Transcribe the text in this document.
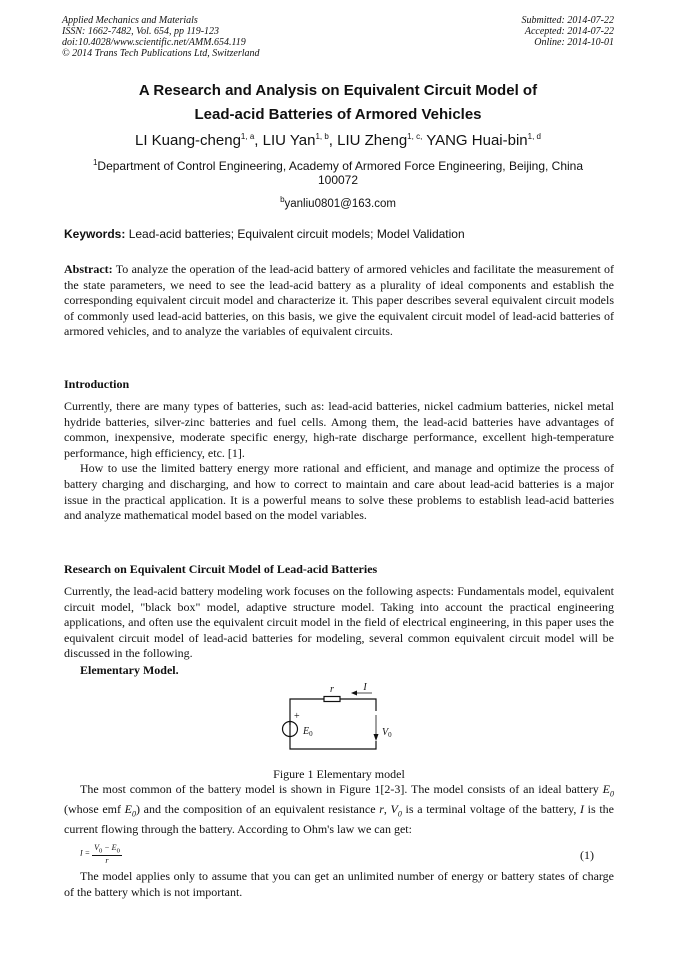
Applied Mechanics and Materials
ISSN: 1662-7482, Vol. 654, pp 119-123
doi:10.4028/www.scientific.net/AMM.654.119
© 2014 Trans Tech Publications Ltd, Switzerland
Submitted: 2014-07-22
Accepted: 2014-07-22
Online: 2014-10-01
A Research and Analysis on Equivalent Circuit Model of
Lead-acid Batteries of Armored Vehicles
LI Kuang-cheng$^{1, a}$, LIU Yan$^{1, b}$, LIU Zheng$^{1, c,}$ YANG Huai-bin$^{1, d}$
$^1$Department of Control Engineering, Academy of Armored Force Engineering, Beijing, China
100072
$^b$yanliu0801@163.com
Keywords: Lead-acid batteries; Equivalent circuit models; Model Validation

Abstract: To analyze the operation of the lead-acid battery of armored vehicles and facilitate the measurement of the state parameters, we need to see the lead-acid battery as a plurality of ideal components and establish the corresponding equivalent circuit model and characterize it. This paper describes several equivalent circuit models of commonly used lead-acid batteries, on this basis, we give the equivalent circuit model of lead-acid batteries of armored vehicles, and to analyze the variables of equivalent circuits.

Introduction

Currently, there are many types of batteries, such as: lead-acid batteries, nickel cadmium batteries, nickel metal hydride batteries, silver-zinc batteries and fuel cells. Among them, the lead-acid batteries have advantages of common, inexpensive, moderate specific energy, high-rate discharge performance, excellent high-temperature performance, high efficiency, etc. [1].

How to use the limited battery energy more rational and efficient, and manage and optimize the process of battery charging and discharging, and how to correct to maintain and care about lead-acid batteries is a major issue in the practical application. It is a powerful means to solve these problems to establish lead-acid batteries and analyze mathematical model based on the model variables.

Research on Equivalent Circuit Model of Lead-acid Batteries

Currently, the lead-acid battery modeling work focuses on the following aspects: Fundamentals model, equivalent circuit model, "black box" model, adaptive structure model. Taking into account the practical engineering applications, and often use the equivalent circuit model in the field of electrical engineering, in this paper uses the equivalent circuit model of lead-acid batteries for modeling, several common equivalent circuit model will be discussed in the following.

Elementary Model.
r	I
$E_0$	$V_0$
+
Figure 1 Elementary model

The most common of the battery model is shown in Figure 1[2-3]. The model consists of an ideal battery $E_0$ (whose emf $E_0$) and the composition of an equivalent resistance r, $V_0$ is a terminal voltage of the battery, I is the current flowing through the battery. According to Ohm's law we can get:

$I = \frac{V_0 - E_0}{r}$	(1)

The model applies only to assume that you can get an unlimited number of energy or battery states of charge of the battery which is not important.
